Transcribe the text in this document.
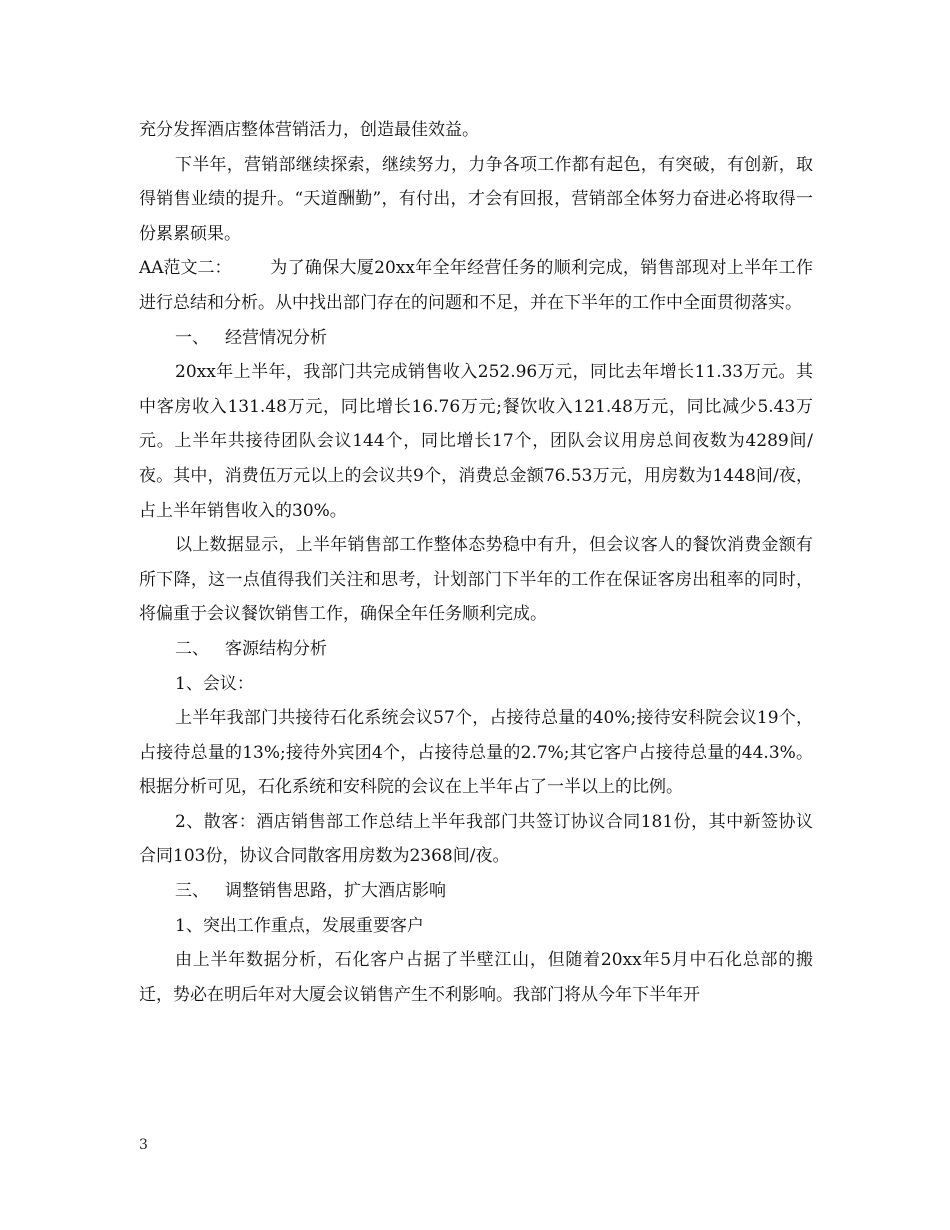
充分发挥酒店整体营销活力，创造最佳效益。

下半年，营销部继续探索，继续努力，力争各项工作都有起色，有突破，有创新，取得销售业绩的提升。“天道酬勤”，有付出，才会有回报，营销部全体努力奋进必将取得一份累累硕果。

AA范文二： 为了确保大厦20xx年全年经营任务的顺利完成，销售部现对上半年工作进行总结和分析。从中找出部门存在的问题和不足，并在下半年的工作中全面贯彻落实。

一、 经营情况分析

20xx年上半年，我部门共完成销售收入252.96万元，同比去年增长11.33万元。其中客房收入131.48万元，同比增长16.76万元;餐饮收入121.48万元，同比减少5.43万元。上半年共接待团队会议144个，同比增长17个，团队会议用房总间夜数为4289间/夜。其中，消费伍万元以上的会议共9个，消费总金额76.53万元，用房数为1448间/夜，占上半年销售收入的30%。

以上数据显示，上半年销售部工作整体态势稳中有升，但会议客人的餐饮消费金额有所下降，这一点值得我们关注和思考，计划部门下半年的工作在保证客房出租率的同时，将偏重于会议餐饮销售工作，确保全年任务顺利完成。

二、 客源结构分析

1、会议：

上半年我部门共接待石化系统会议57个，占接待总量的40%;接待安科院会议19个，占接待总量的13%;接待外宾团4个，占接待总量的2.7%;其它客户占接待总量的44.3%。根据分析可见，石化系统和安科院的会议在上半年占了一半以上的比例。

2、散客：酒店销售部工作总结上半年我部门共签订协议合同181份，其中新签协议合同103份，协议合同散客用房数为2368间/夜。

三、 调整销售思路，扩大酒店影响

1、突出工作重点，发展重要客户

由上半年数据分析，石化客户占据了半壁江山，但随着20xx年5月中石化总部的搬迁，势必在明后年对大厦会议销售产生不利影响。我部门将从今年下半年开

3
